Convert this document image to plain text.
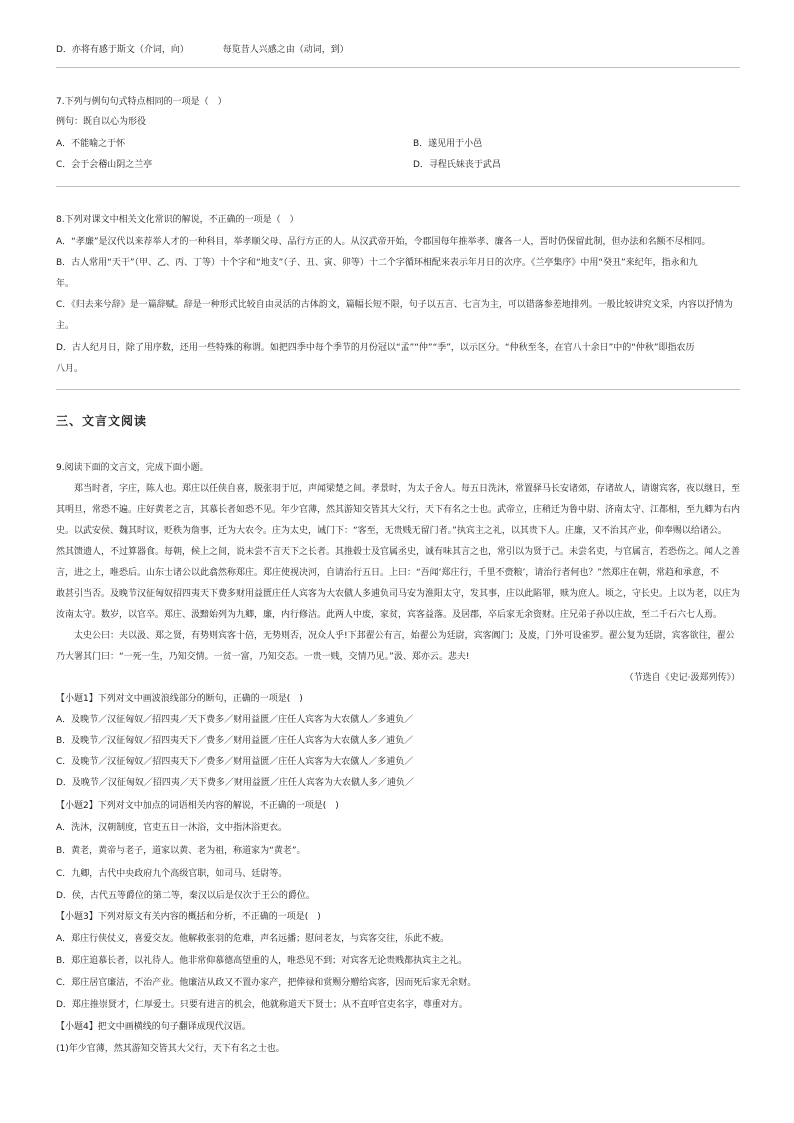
D．亦将有感于斯文（介词，向）	每览昔人兴感之由（动词，到）
7.下列与例句句式特点相同的一项是（　）
例句：既自以心为形役
A．不能喻之于怀	B．遂见用于小邑
C．会于会稽山阴之兰亭	D．寻程氏妹丧于武昌
8.下列对课文中相关文化常识的解说，不正确的一项是（　）
A．“孝廉”是汉代以来荐举人才的一种科目，举孝顺父母、品行方正的人。从汉武帝开始，令郡国每年推举孝、廉各一人，晋时仍保留此制，但办法和名额不尽相同。
B．古人常用“天干”（甲、乙、丙、丁等）十个字和“地支”（子、丑、寅、卯等）十二个字循环相配来表示年月日的次序。《兰亭集序》中用“癸丑”来纪年，指永和九
年。
C．《归去来兮辞》是一篇辞赋。辞是一种形式比较自由灵活的古体韵文，篇幅长短不限，句子以五言、七言为主，可以错落参差地排列。一般比较讲究文采，内容以抒情为
主。
D．古人纪月日，除了用序数，还用一些特殊的称谓。如把四季中每个季节的月份冠以“孟”“仲”“季”，以示区分。“仲秋至冬，在官八十余日”中的“仲秋”即指农历
八月。
三、文言文阅读
9.阅读下面的文言文，完成下面小题。
郑当时者，字庄，陈人也。郑庄以任侠自喜，脱张羽于厄，声闻梁楚之间。孝景时，为太子舍人。每五日洗沐，常置驿马长安诸郊，存诸故人，请谢宾客，夜以继日，至
其明旦，常恐不遍。庄好黄老之言，其慕长者如恐不见。年少官薄，然其游知交皆其大父行，天下有名之士也。武帝立，庄稍迁为鲁中尉、济南太守、江都相，至九卿为右内
史。以武安侯、魏其时议，贬秩为詹事，迁为大农令。庄为太史，诫门下：“客至，无贵贱无留门者。”执宾主之礼，以其贵下人。庄廉，又不治其产业，仰奉赐以给诸公。
然其馈遗人，不过算器食。每朝，候上之间，说未尝不言天下之长者。其推毂士及官属丞史，诚有味其言之也，常引以为贤于己。未尝名吏，与官属言，若恐伤之。闻人之善
言，进之上，唯恐后。山东士诸公以此翕然称郑庄。郑庄使视决河，自请治行五日。上曰：“吾闻‘郑庄行，千里不赍粮’，请治行者何也？”然郑庄在朝，常趋和承意，不
敢甚引当否。及晚节汉征匈奴招四夷天下费多财用益匮庄任人宾客为大农僦人多逋负司马安为淮阳太守，发其事，庄以此陷罪，赎为庶人。顷之，守长史。上以为老，以庄为
汝南太守。数岁，以官卒。郑庄、汲黯始列为九卿，廉，内行修洁。此两人中废，家贫，宾客益落。及居郡，卒后家无余资财。庄兄弟子孙以庄故，至二千石六七人焉。
太史公曰：夫以汲、郑之贤，有势则宾客十倍，无势则否，况众人乎!下邽翟公有言，始翟公为廷尉，宾客阗门；及废，门外可设雀罗。翟公复为廷尉，宾客欲往，翟公
乃大署其门曰：“一死一生，乃知交情。一贫一富，乃知交态。一贵一贱，交情乃见。”汲、郑亦云。悲夫!
（节选自《史记·汲郑列传》）
【小题1】下列对文中画波浪线部分的断句，正确的一项是(　)
A．及晚节／汉征匈奴／招四夷／天下费多／财用益匮／庄任人宾客为大农僦人／多逋负／
B．及晚节／汉征匈奴／招四夷天下／费多／财用益匮／庄任人宾客为大农僦人多／逋负／
C．及晚节／汉征匈奴／招四夷天下／费多／财用益匮／庄任人宾客为大农僦人／多逋负／
D．及晚节／汉征匈奴／招四夷／天下费多／财用益匮／庄任人宾客为大农僦人多／逋负／
【小题2】下列对文中加点的词语相关内容的解说，不正确的一项是(　)
A．洗沐，汉朝制度，官吏五日一沐浴，文中指沐浴更衣。
B．黄老，黄帝与老子，道家以黄、老为祖，称道家为“黄老”。
C．九卿，古代中央政府九个高级官职，如司马、廷尉等。
D．侯，古代五等爵位的第二等，秦汉以后是仅次于王公的爵位。
【小题3】下列对原文有关内容的概括和分析，不正确的一项是(　)
A．郑庄行侠仗义，喜爱交友。他解救张羽的危难，声名远播；慰问老友，与宾客交往，乐此不疲。
B．郑庄追慕长者，以礼待人。他非常仰慕德高望重的人，唯恐见不到；对宾客无论贵贱都执宾主之礼。
C．郑庄居官廉洁，不治产业。他廉洁从政又不置办家产，把俸禄和赏赐分赠给宾客，因而死后家无余财。
D．郑庄推崇贤才，仁厚爱士。只要有进言的机会，他就称道天下贤士；从不直呼官吏名字，尊重对方。
【小题4】把文中画横线的句子翻译成现代汉语。
(1)年少官薄，然其游知交皆其大父行，天下有名之士也。
